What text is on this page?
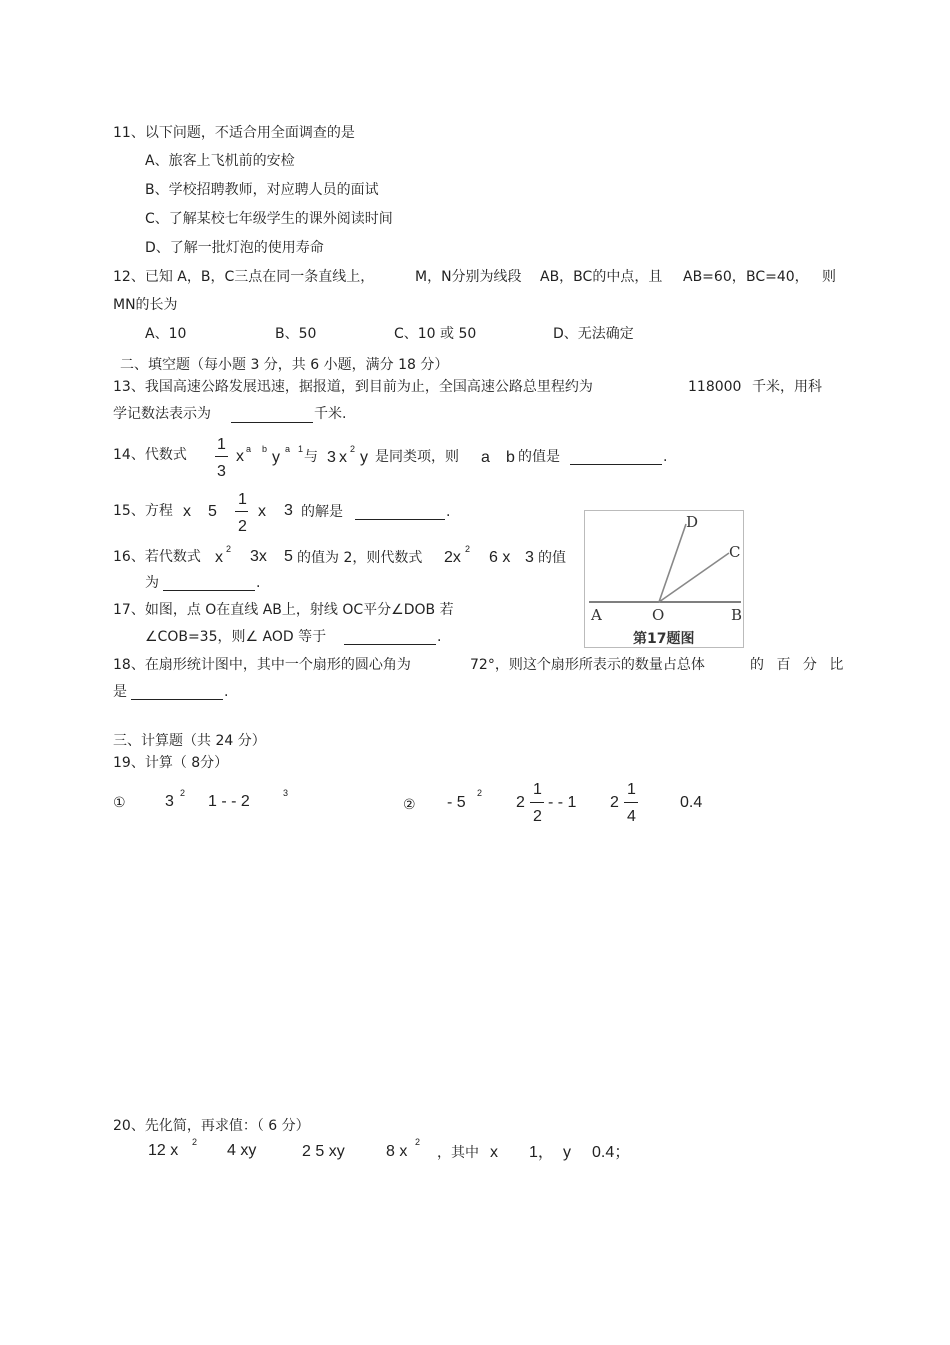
11、以下问题，不适合用全面调查的是
A、旅客上飞机前的安检
B、学校招聘教师，对应聘人员的面试
C、了解某校七年级学生的课外阅读时间
D、了解一批灯泡的使用寿命
12、已知 A，B，C三点在同一条直线上，	M，N分别为线段 AB，BC的中点，且 AB=60， BC=40， 则
MN的长为
A、10	B、50	C、10 或 50	D、无法确定
二、填空题（每小题 3 分，共 6 小题，满分 18 分）
13、我国高速公路发展迅速，据报道，到目前为止，全国高速公路总里程约为	118000 千米，用科
学记数法表示为	千米.
14、代数式
1
3
x a b y a 1 与 3 x 2 y 是同类项，则 a b 的值是	.
15、方程 x 5
1
2
x 3 的解是	.
16、若代数式 x 2 3x 5 的值为 2，则代数式 2x 2 6 x 3 的值
为	.
17、如图，点 O在直线 AB上，射线 OC平分∠DOB 若
∠COB=35，则∠ AOD 等于	.
A	O	B
C
D
第17题图
18、在扇形统计图中，其中一个扇形的圆心角为	72°，则这个扇形所表示的数量占总体	的 百 分 比
是	.
三、计算题（共 24 分）
19、计算（ 8分）
① 3 2 1 - - 2	3
② - 5
2
2
1
2
- - 1 2
1
4
0.4
20、先化简，再求值：（ 6 分）
12 x 2 4 xy	2 5 xy	8 x
2
，其中 x 1， y 0.4；
